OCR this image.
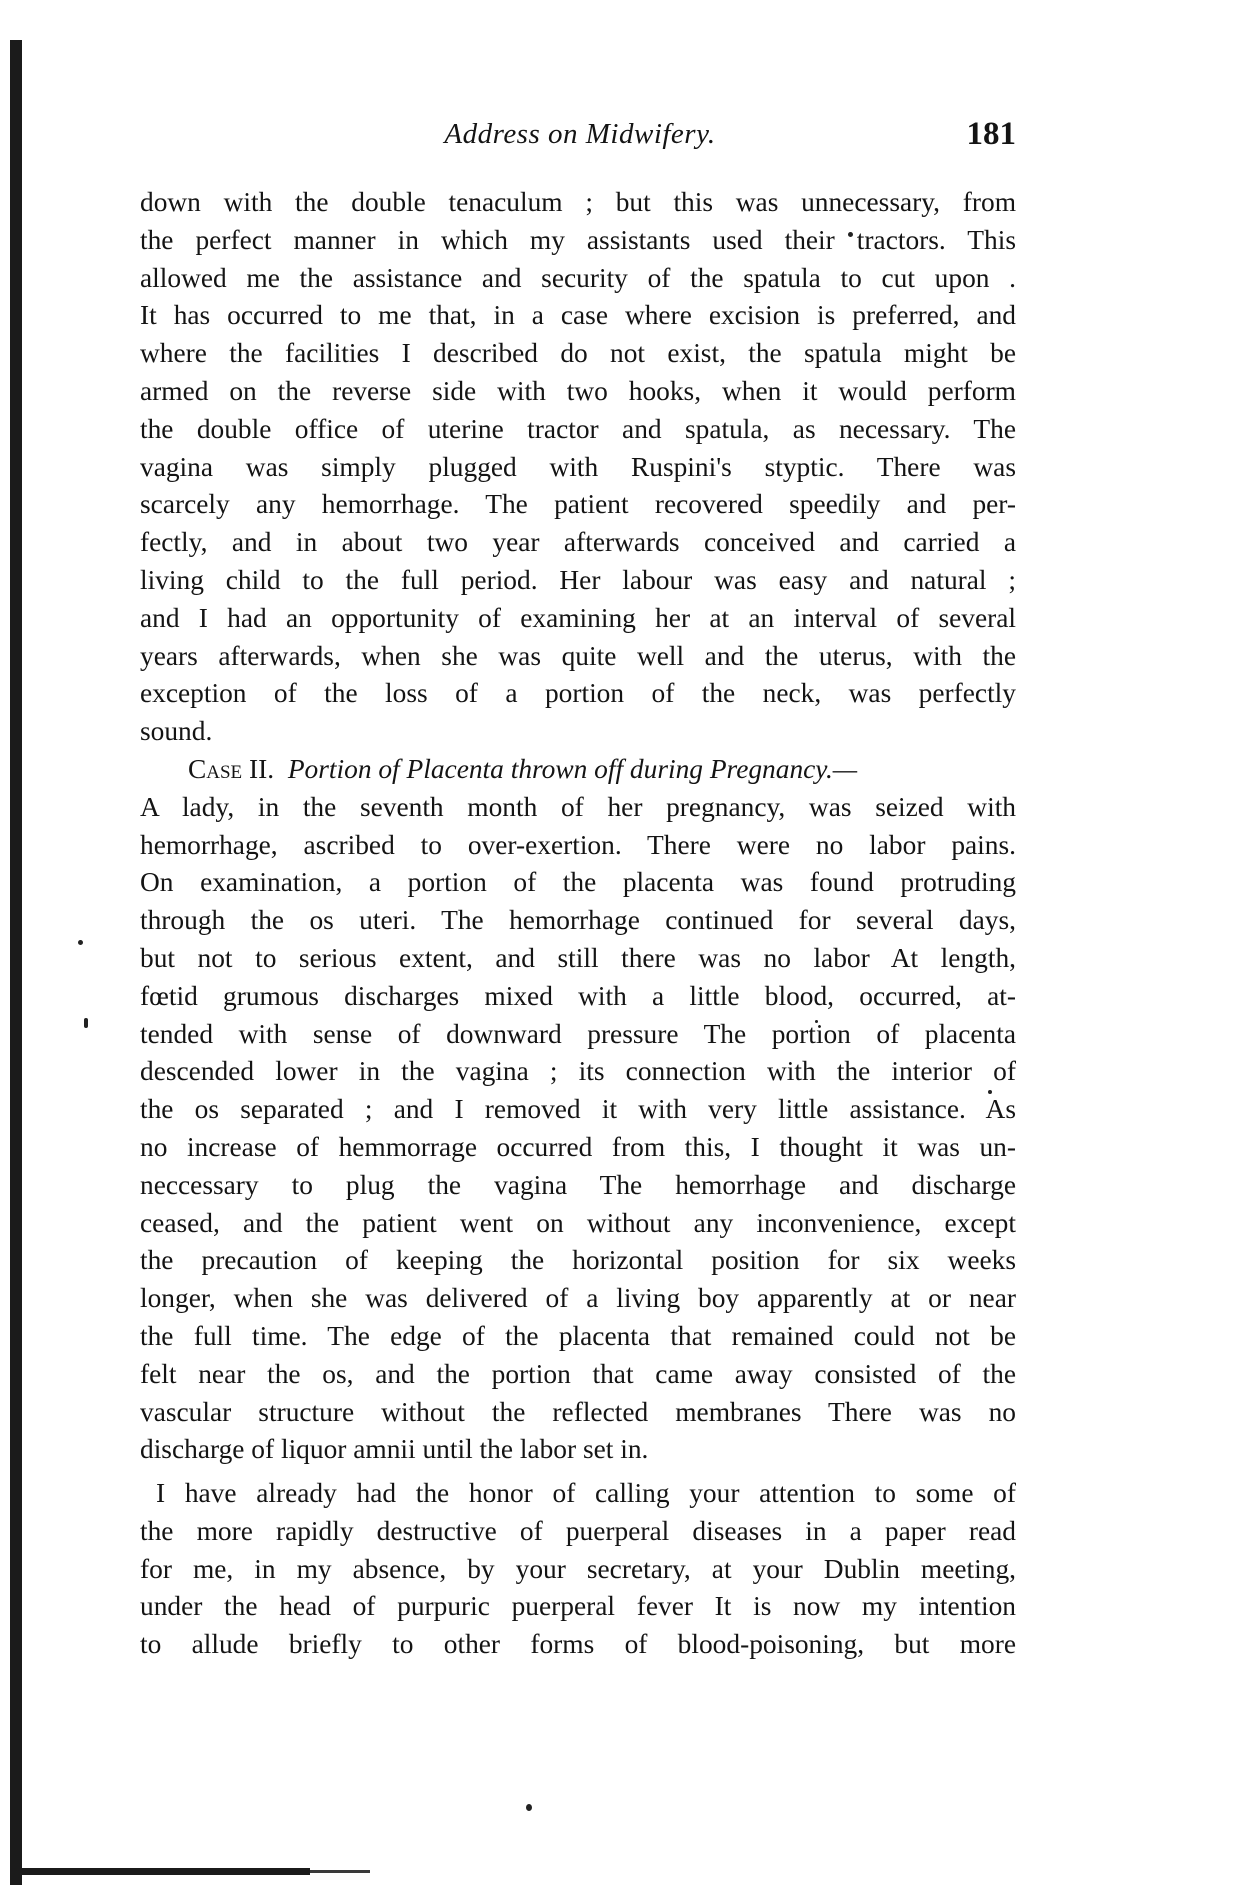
Address on Midwifery.	181
down with the double tenaculum ; but this was unnecessary, from
the perfect manner in which my assistants used their tractors. This
allowed me the assistance and security of the spatula to cut upon .
It has occurred to me that, in a case where excision is preferred, and
where the facilities I described do not exist, the spatula might be
armed on the reverse side with two hooks, when it would perform
the double office of uterine tractor and spatula, as necessary. The
vagina was simply plugged with Ruspini's styptic. There was
scarcely any hemorrhage. The patient recovered speedily and per-
fectly, and in about two year afterwards conceived and carried a
living child to the full period. Her labour was easy and natural ;
and I had an opportunity of examining her at an interval of several
years afterwards, when she was quite well and the uterus, with the
exception of the loss of a portion of the neck, was perfectly
sound.
Case II. Portion of Placenta thrown off during Pregnancy.—
A lady, in the seventh month of her pregnancy, was seized with
hemorrhage, ascribed to over-exertion. There were no labor pains.
On examination, a portion of the placenta was found protruding
through the os uteri. The hemorrhage continued for several days,
but not to serious extent, and still there was no labor At length,
fœtid grumous discharges mixed with a little blood, occurred, at-
tended with sense of downward pressure The portion of placenta
descended lower in the vagina ; its connection with the interior of
the os separated ; and I removed it with very little assistance. As
no increase of hemmorrage occurred from this, I thought it was un-
neccessary to plug the vagina The hemorrhage and discharge
ceased, and the patient went on without any inconvenience, except
the precaution of keeping the horizontal position for six weeks
longer, when she was delivered of a living boy apparently at or near
the full time. The edge of the placenta that remained could not be
felt near the os, and the portion that came away consisted of the
vascular structure without the reflected membranes There was no
discharge of liquor amnii until the labor set in.
I have already had the honor of calling your attention to some of
the more rapidly destructive of puerperal diseases in a paper read
for me, in my absence, by your secretary, at your Dublin meeting,
under the head of purpuric puerperal fever It is now my intention
to allude briefly to other forms of blood-poisoning, but more
